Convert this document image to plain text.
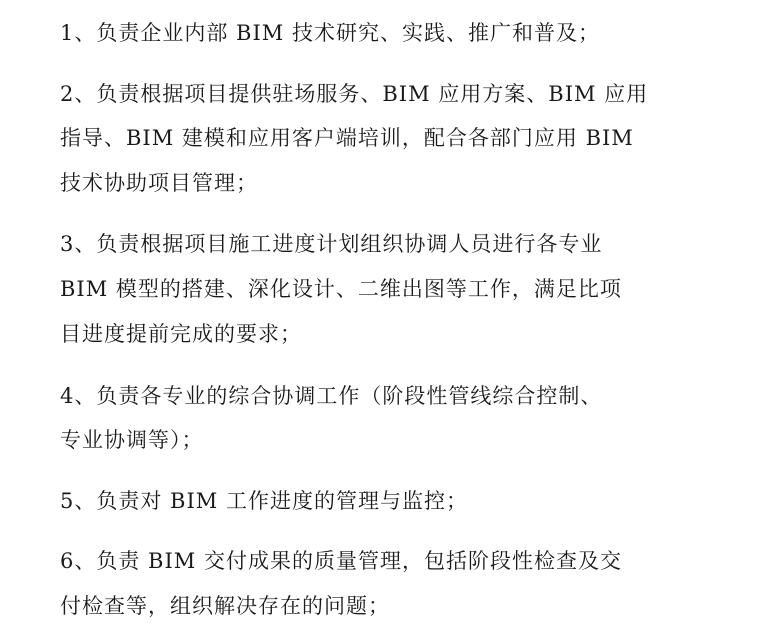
1、负责企业内部 BIM 技术研究、实践、推广和普及；
2、负责根据项目提供驻场服务、BIM 应用方案、BIM 应用
指导、BIM 建模和应用客户端培训，配合各部门应用 BIM
技术协助项目管理；
3、负责根据项目施工进度计划组织协调人员进行各专业
BIM 模型的搭建、深化设计、二维出图等工作，满足比项
目进度提前完成的要求；
4、负责各专业的综合协调工作（阶段性管线综合控制、
专业协调等）；
5、负责对 BIM 工作进度的管理与监控；
6、负责 BIM 交付成果的质量管理，包括阶段性检查及交
付检查等，组织解决存在的问题；
